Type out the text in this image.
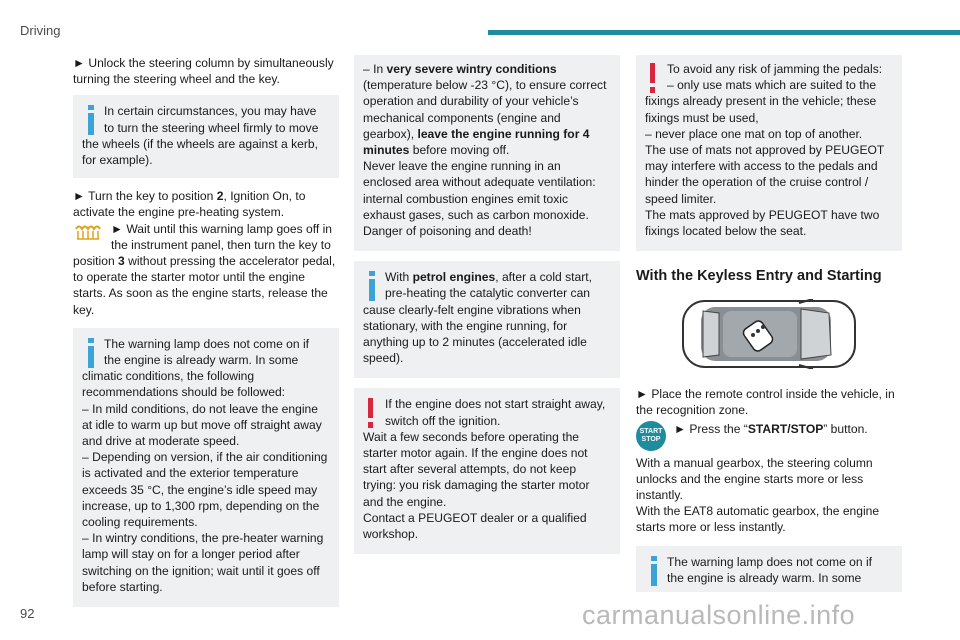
Driving

► Unlock the steering column by simultaneously turning the steering wheel and the key.

In certain circumstances, you may have to turn the steering wheel firmly to move the wheels (if the wheels are against a kerb, for example).

► Turn the key to position 2, Ignition On, to activate the engine pre-heating system.

► Wait until this warning lamp goes off in the instrument panel, then turn the key to position 3 without pressing the accelerator pedal, to operate the starter motor until the engine starts. As soon as the engine starts, release the key.

The warning lamp does not come on if the engine is already warm. In some climatic conditions, the following recommendations should be followed:

– In mild conditions, do not leave the engine at idle to warm up but move off straight away and drive at moderate speed.

– Depending on version, if the air conditioning is activated and the exterior temperature exceeds 35 °C, the engine’s idle speed may increase, up to 1,300 rpm, depending on the cooling requirements.

– In wintry conditions, the pre-heater warning lamp will stay on for a longer period after switching on the ignition; wait until it goes off before starting.

– In very severe wintry conditions (temperature below -23 °C), to ensure correct operation and durability of your vehicle’s mechanical components (engine and gearbox), leave the engine running for 4 minutes before moving off.

Never leave the engine running in an enclosed area without adequate ventilation: internal combustion engines emit toxic exhaust gases, such as carbon monoxide. Danger of poisoning and death!

With petrol engines, after a cold start, pre-heating the catalytic converter can cause clearly-felt engine vibrations when stationary, with the engine running, for anything up to 2 minutes (accelerated idle speed).

If the engine does not start straight away, switch off the ignition.

Wait a few seconds before operating the starter motor again. If the engine does not start after several attempts, do not keep trying: you risk damaging the starter motor and the engine.

Contact a PEUGEOT dealer or a qualified workshop.

To avoid any risk of jamming the pedals:

– only use mats which are suited to the fixings already present in the vehicle; these fixings must be used,

– never place one mat on top of another.

The use of mats not approved by PEUGEOT may interfere with access to the pedals and hinder the operation of the cruise control / speed limiter.

The mats approved by PEUGEOT have two fixings located below the seat.

With the Keyless Entry and Starting

► Place the remote control inside the vehicle, in the recognition zone.

START
STOP
► Press the “START/STOP” button.

With a manual gearbox, the steering column unlocks and the engine starts more or less instantly.

With the EAT8 automatic gearbox, the engine starts more or less instantly.

The warning lamp does not come on if the engine is already warm. In some

92	carmanualsonline.info
